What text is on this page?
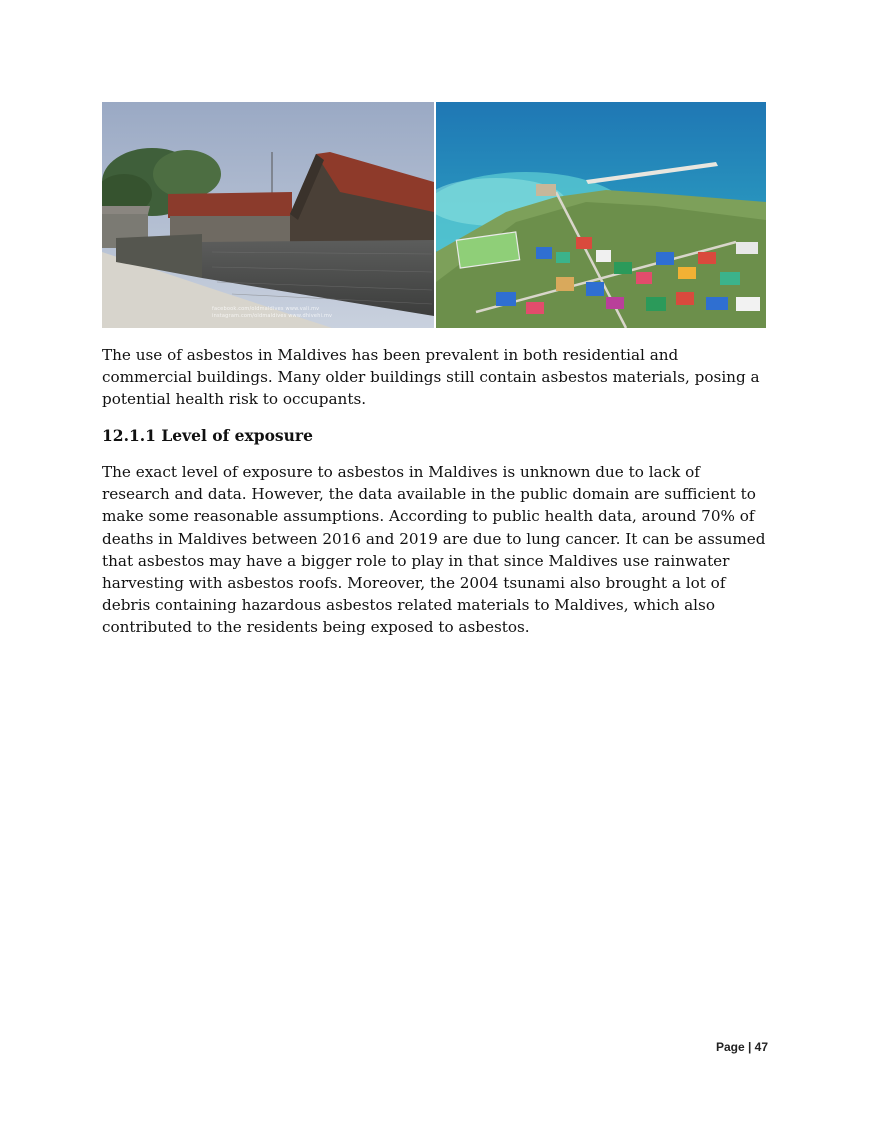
facebook.com/oldmaldives www.vali.mv
instagram.com/oldmaldives www.dhivehi.mv

The use of asbestos in Maldives has been prevalent in both residential and commercial buildings. Many older buildings still contain asbestos materials, posing a potential health risk to occupants.

12.1.1 Level of exposure

The exact level of exposure to asbestos in Maldives is unknown due to lack of research and data. However, the data available in the public domain are sufficient to make some reasonable assumptions. According to public health data, around 70% of deaths in Maldives between 2016 and 2019 are due to lung cancer. It can be assumed that asbestos may have a bigger role to play in that since Maldives use rainwater harvesting with asbestos roofs. Moreover, the 2004 tsunami also brought a lot of debris containing hazardous asbestos related materials to Maldives, which also contributed to the residents being exposed to asbestos.

Page | 47
